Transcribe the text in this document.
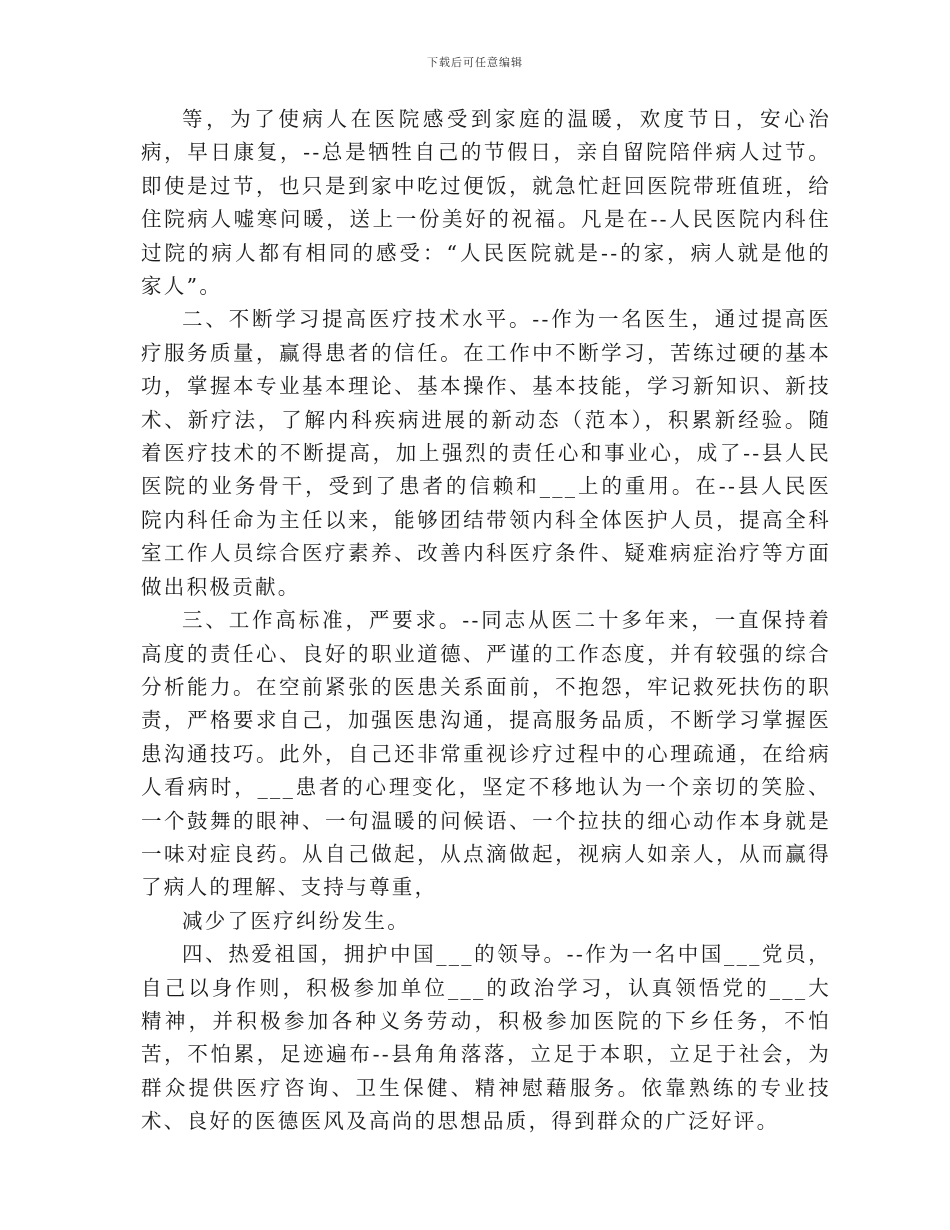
下载后可任意编辑

等，为了使病人在医院感受到家庭的温暖，欢度节日，安心治病，早日康复，--总是牺牲自己的节假日，亲自留院陪伴病人过节。即使是过节，也只是到家中吃过便饭，就急忙赶回医院带班值班，给住院病人嘘寒问暖，送上一份美好的祝福。凡是在--人民医院内科住过院的病人都有相同的感受：“人民医院就是--的家，病人就是他的家人”。

二、不断学习提高医疗技术水平。--作为一名医生，通过提高医疗服务质量，赢得患者的信任。在工作中不断学习，苦练过硬的基本功，掌握本专业基本理论、基本操作、基本技能，学习新知识、新技术、新疗法，了解内科疾病进展的新动态（范本），积累新经验。随着医疗技术的不断提高，加上强烈的责任心和事业心，成了--县人民医院的业务骨干，受到了患者的信赖和___上的重用。在--县人民医院内科任命为主任以来，能够团结带领内科全体医护人员，提高全科室工作人员综合医疗素养、改善内科医疗条件、疑难病症治疗等方面做出积极贡献。

三、工作高标准，严要求。--同志从医二十多年来，一直保持着高度的责任心、良好的职业道德、严谨的工作态度，并有较强的综合分析能力。在空前紧张的医患关系面前，不抱怨，牢记救死扶伤的职责，严格要求自己，加强医患沟通，提高服务品质，不断学习掌握医患沟通技巧。此外，自己还非常重视诊疗过程中的心理疏通，在给病人看病时，___患者的心理变化，坚定不移地认为一个亲切的笑脸、一个鼓舞的眼神、一句温暖的问候语、一个拉扶的细心动作本身就是一味对症良药。从自己做起，从点滴做起，视病人如亲人，从而赢得了病人的理解、支持与尊重，

减少了医疗纠纷发生。

四、热爱祖国，拥护中国___的领导。--作为一名中国___党员，自己以身作则，积极参加单位___的政治学习，认真领悟党的___大精神，并积极参加各种义务劳动，积极参加医院的下乡任务，不怕苦，不怕累，足迹遍布--县角角落落，立足于本职，立足于社会，为群众提供医疗咨询、卫生保健、精神慰藉服务。依靠熟练的专业技术、良好的医德医风及高尚的思想品质，得到群众的广泛好评。
